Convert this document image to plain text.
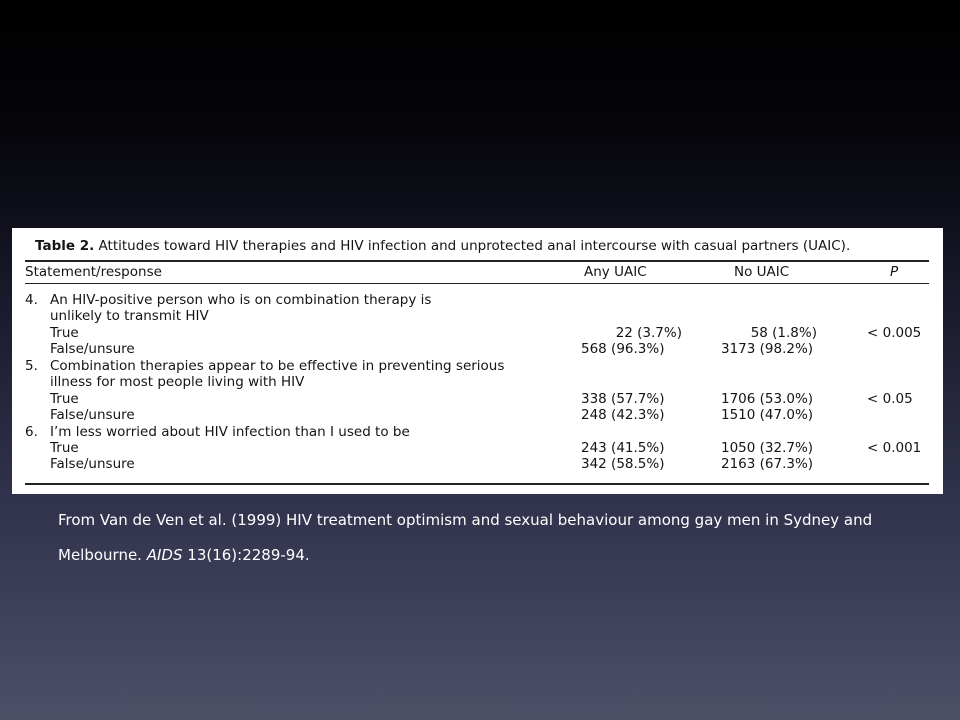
Table 2. Attitudes toward HIV therapies and HIV infection and unprotected anal intercourse with casual partners (UAIC).
Statement/response	Any UAIC	No UAIC	P
4. An HIV-positive person who is on combination therapy is
unlikely to transmit HIV
True	22 (3.7%)	58 (1.8%)	< 0.005
False/unsure	568 (96.3%)	3173 (98.2%)
5. Combination therapies appear to be effective in preventing serious
illness for most people living with HIV
True	338 (57.7%)	1706 (53.0%)	< 0.05
False/unsure	248 (42.3%)	1510 (47.0%)
6. I’m less worried about HIV infection than I used to be
True	243 (41.5%)	1050 (32.7%)	< 0.001
False/unsure	342 (58.5%)	2163 (67.3%)
From Van de Ven et al. (1999) HIV treatment optimism and sexual behaviour among gay men in Sydney and
Melbourne. AIDS 13(16):2289-94.
